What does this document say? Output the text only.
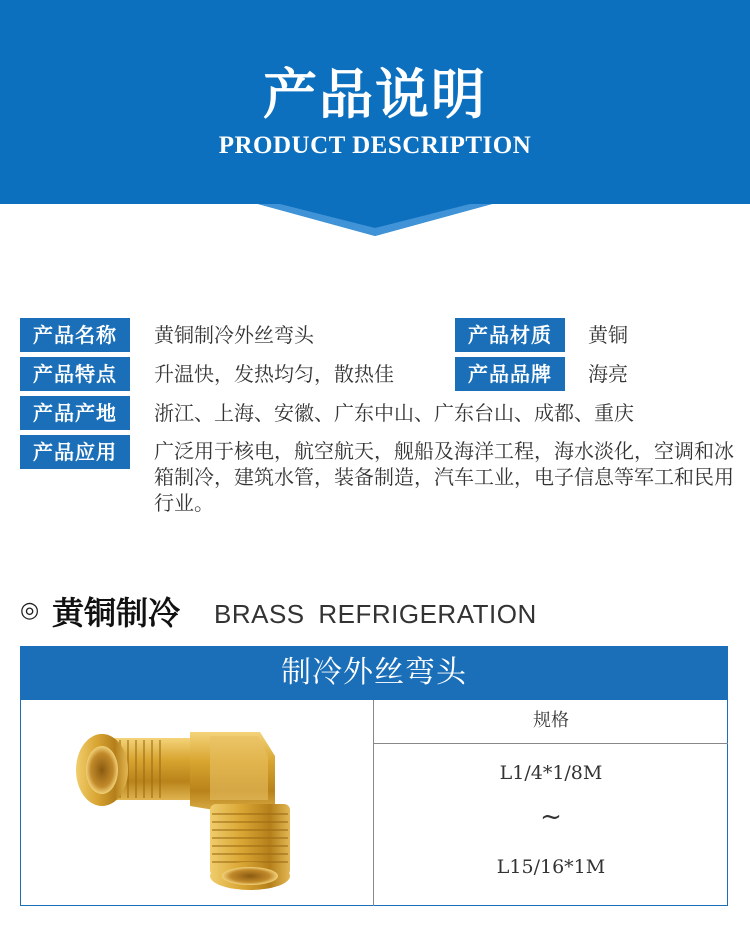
产品说明
PRODUCT DESCRIPTION
产品名称	黄铜制冷外丝弯头	产品材质	黄铜
产品特点	升温快，发热均匀，散热佳	产品品牌	海亮
产品产地	浙江、上海、安徽、广东中山、广东台山、成都、重庆
产品应用	广泛用于核电，航空航天，舰船及海洋工程，海水淡化，空调和冰箱制冷，建筑水管，装备制造，汽车工业，电子信息等军工和民用行业。
◎ 黄铜制冷 BRASS REFRIGERATION
制冷外丝弯头
规格
L1/4*1/8M
~
L15/16*1M
